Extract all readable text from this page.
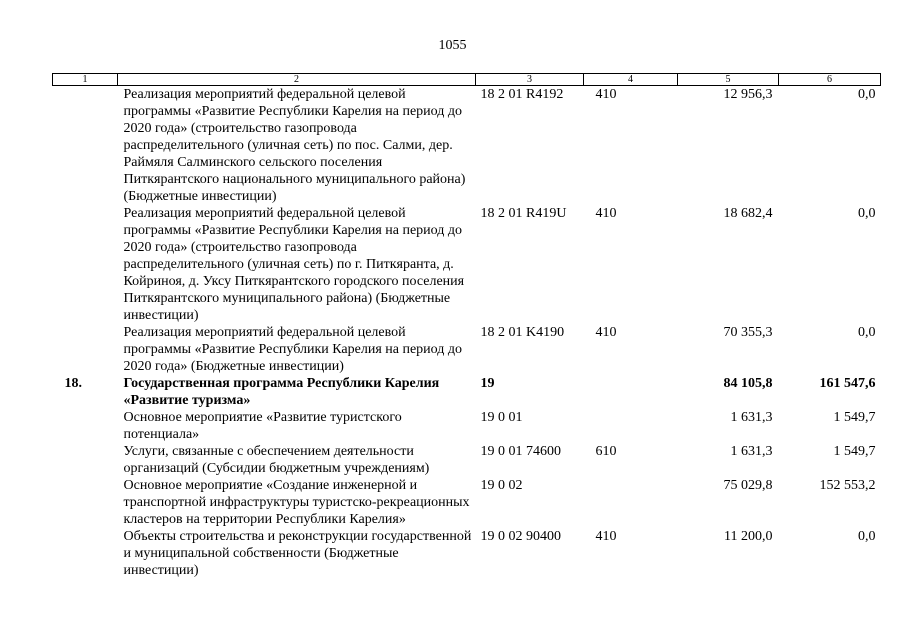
1055
1	2	3	4	5	6
	Реализация мероприятий федеральной целевой программы «Развитие Республики Карелия на период до 2020 года» (строительство газопровода распределительного (уличная сеть) по пос. Салми, дер. Раймяля Салминского сельского поселения Питкярантского национального муниципального района) (Бюджетные инвестиции)	18 2 01 R4192	410	12 956,3	0,0
	Реализация мероприятий федеральной целевой программы «Развитие Республики Карелия на период до 2020 года» (строительство газопровода распределительного (уличная сеть) по г. Питкяранта, д. Койриноя, д. Уксу Питкярантского городского поселения Питкярантского муниципального района) (Бюджетные инвестиции)	18 2 01 R419U	410	18 682,4	0,0
	Реализация мероприятий федеральной целевой программы «Развитие Республики Карелия на период до 2020 года» (Бюджетные инвестиции)	18 2 01 K4190	410	70 355,3	0,0
18.	Государственная программа Республики Карелия «Развитие туризма»	19		84 105,8	161 547,6
	Основное мероприятие «Развитие туристского потенциала»	19 0 01		1 631,3	1 549,7
	Услуги, связанные с обеспечением деятельности организаций (Субсидии бюджетным учреждениям)	19 0 01 74600	610	1 631,3	1 549,7
	Основное мероприятие «Создание инженерной и транспортной инфраструктуры туристско-рекреационных кластеров на территории Республики Карелия»	19 0 02		75 029,8	152 553,2
	Объекты строительства и реконструкции государственной и муниципальной собственности (Бюджетные инвестиции)	19 0 02 90400	410	11 200,0	0,0
